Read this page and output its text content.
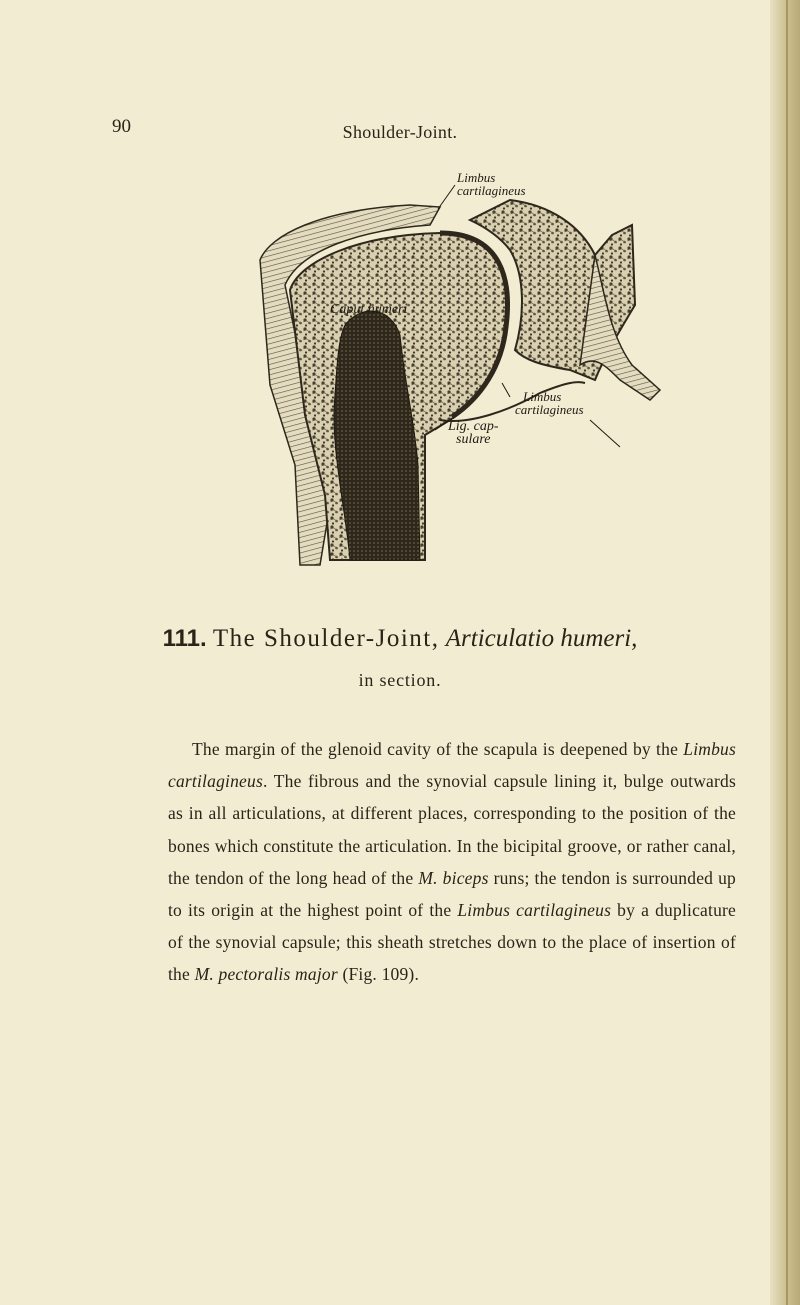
90	Shoulder-Joint.
Limbus
cartilagineus
Caput humeri
Limbus
cartilagineus
Lig. cap-
sulare
111. The Shoulder-Joint, Articulatio humeri,
in section.

The margin of the glenoid cavity of the scapula is deepened by the Limbus cartilagineus. The fibrous and the synovial capsule lining it, bulge outwards as in all articulations, at different places, corresponding to the position of the bones which constitute the articulation. In the bicipital groove, or rather canal, the tendon of the long head of the M. biceps runs; the tendon is surrounded up to its origin at the highest point of the Limbus cartilagineus by a duplicature of the synovial capsule; this sheath stretches down to the place of insertion of the M. pectoralis major (Fig. 109).
